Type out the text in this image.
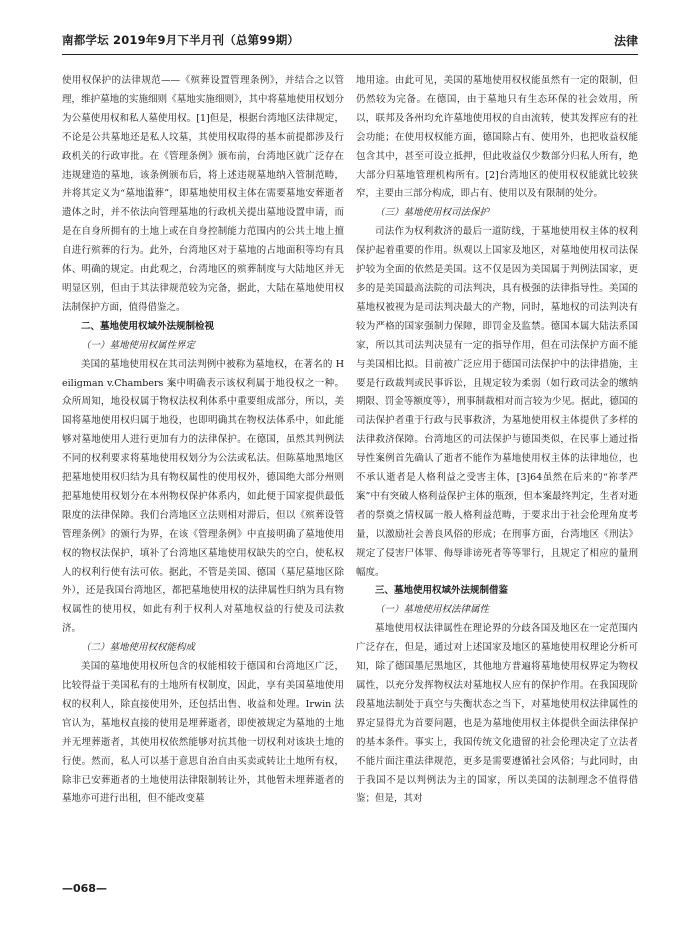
南都学坛 2019年9月下半月刊（总第99期）	法律

使用权保护的法律规范——《殡葬设置管理条例》，并结合之以管理，维护墓地的实施细则《墓地实施细则》，其中将墓地使用权划分为公墓使用权和私人墓使用权。[1]但是，根据台湾地区法律规定，不论是公共墓地还是私人坟墓，其使用权取得的基本前提都涉及行政机关的行政审批。在《管理条例》颁布前，台湾地区就广泛存在违规建造的墓地，该条例颁布后，将上述违规墓地纳入管制范畴，并将其定义为“墓地滥葬”，即墓地使用权主体在需要墓地安葬逝者遗体之时，并不依法向管理墓地的行政机关提出墓地设置申请，而是在自身所拥有的土地上或在自身控制能力范围内的公共土地上擅自进行殡葬的行为。此外，台湾地区对于墓地的占地面积等均有具体、明确的规定。由此观之，台湾地区的殡葬制度与大陆地区并无明显区别，但由于其法律规范较为完备，据此，大陆在墓地使用权法制保护方面，值得借鉴之。

二、墓地使用权域外法规制检视

（一）墓地使用权属性界定

美国的墓地使用权在其司法判例中被称为墓地权，在著名的 Heiligman v.Chambers 案中明确表示该权利属于地役权之一种。众所周知，地役权属于物权法权利体系中重要组成部分，所以，美国将墓地使用权归属于地役，也即明确其在物权法体系中，如此能够对墓地使用人进行更加有力的法律保护。在德国，虽然其判例法不同的权利要求将墓地使用权划分为公法或私法。但陈墓地黑地区把墓地使用权归结为具有物权属性的使用权外，德国绝大部分州则把墓地使用权划分在本州物权保护体系内，如此便于国家提供最低限度的法律保障。我们台湾地区立法则相对滞后，但以《殡葬设管管理条例》的颁行为界，在该《管理条例》中直接明确了墓地使用权的物权法保护，填补了台湾地区墓地使用权缺失的空白，使私权人的权利行使有法可依。据此，不管是美国、德国（墓尼墓地区除外），还是我国台湾地区，都把墓地使用权的法律属性归纳为具有物权属性的使用权，如此有利于权利人对墓地权益的行使及司法救济。

（二）墓地使用权权能构成

美国的墓地使用权所包含的权能相较于德国和台湾地区广泛，比较得益于美国私有的土地所有权制度，因此，享有美国墓地使用权的权利人，除直接使用外，还包括出售、收益和处理。Irwin 法官认为，墓地权直接的使用是埋葬逝者，即使被规定为墓地的土地并无埋葬逝者，其使用权依然能够对抗其他一切权利对该块土地的行使。然而，私人可以基于意思自治自由买卖或转让土地所有权，除非已安葬逝者的土地使用法律限制转让外，其他暂未埋葬逝者的墓地亦可进行出租，但不能改变墓

地用途。由此可见，美国的墓地使用权权能虽然有一定的限制，但仍然较为完备。在德国，由于墓地只有生态环保的社会效用，所以，联邦及各州均允许墓地使用权的自由流转，使其发挥应有的社会功能；在使用权权能方面，德国除占有、使用外，也把收益权能包含其中，甚至可设立抵押，但此收益仅少数部分归私人所有，绝大部分归墓地管理机构所有。[2]台湾地区的使用权权能就比较狭窄，主要由三部分构成，即占有、使用以及有限制的处分。

（三）墓地使用权司法保护

司法作为权利救济的最后一道防线，于墓地使用权主体的权利保护起着重要的作用。纵观以上国家及地区，对墓地使用权司法保护较为全面的依然是美国。这不仅是因为美国属于判例法国家，更多的是美国最高法院的司法判决，具有极强的法律指导性。美国的墓地权被视为是司法判决最大的产物，同时，墓地权的司法判决有较为严格的国家强制力保障，即罚金及监禁。德国本属大陆法系国家，所以其司法判决显有一定的指导作用，但在司法保护方面不能与美国相比拟。目前被广泛应用于德国司法保护中的法律措施，主要是行政裁判或民事诉讼，且规定较为柔弱（如行政司法金的缴纳期限、罚金等额度等），刑事制裁相对而言较为少见。据此，德国的司法保护者重于行政与民事救济，为墓地使用权主体提供了多样的法律救济保障。台湾地区的司法保护与德国类似，在民事上通过指导性案例首先确认了逝者不能作为墓地使用权主体的法律地位，也不承认逝者是人格利益之受害主体，[3]64虽然在后来的“祢孝严案”中有突破人格利益保护主体的瓶颈，但本案最终判定，生者对逝者的祭奠之情权属一般人格利益范畴，于要求出于社会伦理角度考量，以激励社会善良风俗的形成；在刑事方面，台湾地区《刑法》规定了侵害尸体罪、侮辱诽谤死者等等罪行，且规定了相应的量刑幅度。

三、墓地使用权域外法规制借鉴

（一）墓地使用权法律属性

墓地使用权法律属性在理论界的分歧各国及地区在一定范围内广泛存在，但是，通过对上述国家及地区的墓地使用权理论分析可知，除了德国墨尼黑地区，其他地方普遍将墓地使用权界定为物权属性，以充分发挥物权法对墓地权人应有的保护作用。在我国现阶段墓地法制处于真空与失衡状态之当下，对墓地使用权法律属性的界定显得尤为首要问题，也是为墓地使用权主体提供全面法律保护的基本条件。事实上，我国传统文化遗留的社会伦理决定了立法者不能片面注重法律规范，更多是需要遵循社会风俗；与此同时，由于我国不是以判例法为主的国家，所以美国的法制理念不值得借鉴；但是，其对

—068—
